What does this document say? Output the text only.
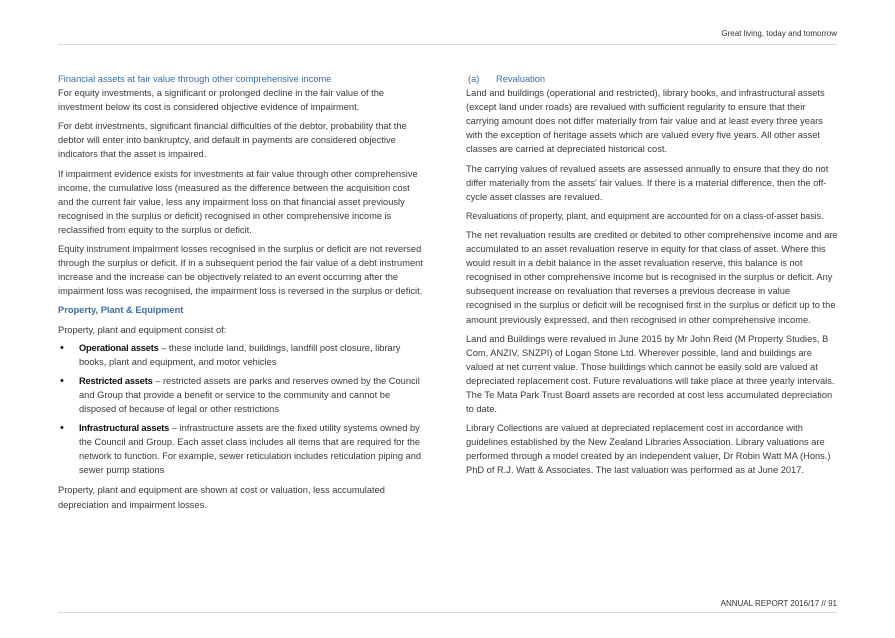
Great living, today and tomorrow

Financial assets at fair value through other comprehensive income

For equity investments, a significant or prolonged decline in the fair value of the investment below its cost is considered objective evidence of impairment.

For debt investments, significant financial difficulties of the debtor, probability that the debtor will enter into bankruptcy, and default in payments are considered objective indicators that the asset is impaired.

If impairment evidence exists for investments at fair value through other comprehensive income, the cumulative loss (measured as the difference between the acquisition cost and the current fair value, less any impairment loss on that financial asset previously recognised in the surplus or deficit) recognised in other comprehensive income is reclassified from equity to the surplus or deficit.

Equity instrument impairment losses recognised in the surplus or deficit are not reversed through the surplus or deficit. If in a subsequent period the fair value of a debt instrument increase and the increase can be objectively related to an event occurring after the impairment loss was recognised, the impairment loss is reversed in the surplus or deficit.

Property, Plant & Equipment

Property, plant and equipment consist of:

• Operational assets – these include land, buildings, landfill post closure, library books, plant and equipment, and motor vehicles
• Restricted assets – restricted assets are parks and reserves owned by the Council and Group that provide a benefit or service to the community and cannot be disposed of because of legal or other restrictions
• Infrastructural assets – infrastructure assets are the fixed utility systems owned by the Council and Group. Each asset class includes all items that are required for the network to function. For example, sewer reticulation includes reticulation piping and sewer pump stations

Property, plant and equipment are shown at cost or valuation, less accumulated depreciation and impairment losses.

(a)	Revaluation

Land and buildings (operational and restricted), library books, and infrastructural assets (except land under roads) are revalued with sufficient regularity to ensure that their carrying amount does not differ materially from fair value and at least every three years with the exception of heritage assets which are valued every five years. All other asset classes are carried at depreciated historical cost.

The carrying values of revalued assets are assessed annually to ensure that they do not differ materially from the assets' fair values. If there is a material difference, then the off-cycle asset classes are revalued.

Revaluations of property, plant, and equipment are accounted for on a class-of-asset basis.

The net revaluation results are credited or debited to other comprehensive income and are accumulated to an asset revaluation reserve in equity for that class of asset. Where this would result in a debit balance in the asset revaluation reserve, this balance is not recognised in other comprehensive income but is recognised in the surplus or deficit. Any subsequent increase on revaluation that reverses a previous decrease in value recognised in the surplus or deficit will be recognised first in the surplus or deficit up to the amount previously expressed, and then recognised in other comprehensive income.

Land and Buildings were revalued in June 2015 by Mr John Reid (M Property Studies, B Com, ANZIV, SNZPI) of Logan Stone Ltd. Wherever possible, land and buildings are valued at net current value. Those buildings which cannot be easily sold are valued at depreciated replacement cost. Future revaluations will take place at three yearly intervals. The Te Mata Park Trust Board assets are recorded at cost less accumulated depreciation to date.

Library Collections are valued at depreciated replacement cost in accordance with guidelines established by the New Zealand Libraries Association. Library valuations are performed through a model created by an independent valuer, Dr Robin Watt MA (Hons.) PhD of R.J. Watt & Associates. The last valuation was performed as at June 2017.

ANNUAL REPORT 2016/17 // 91
